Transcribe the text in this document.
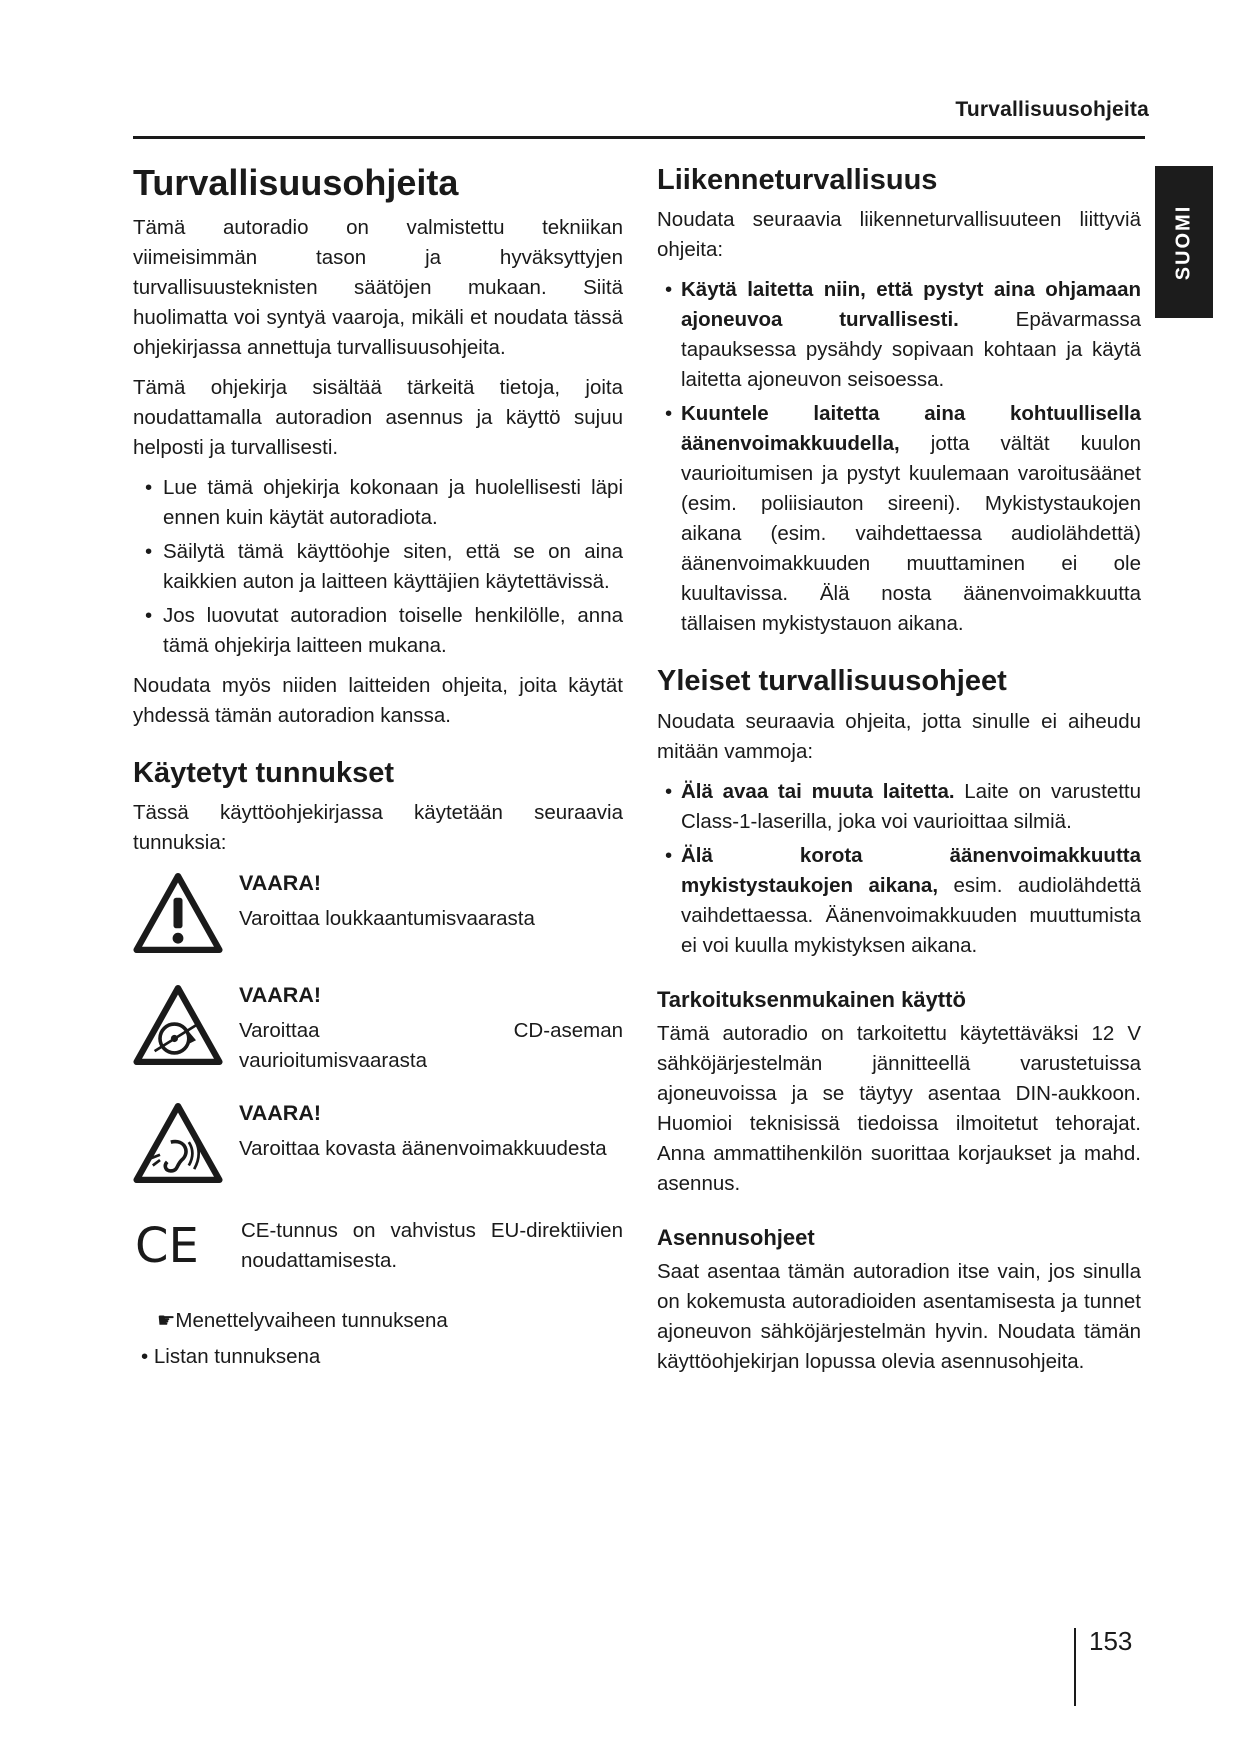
Turvallisuusohjeita
SUOMI
Turvallisuusohjeita

Tämä autoradio on valmistettu tekniikan viimeisimmän tason ja hyväksyttyjen turvallisuusteknisten säätöjen mukaan. Siitä huolimatta voi syntyä vaaroja, mikäli et noudata tässä ohjekirjassa annettuja turvallisuusohjeita.

Tämä ohjekirja sisältää tärkeitä tietoja, joita noudattamalla autoradion asennus ja käyttö sujuu helposti ja turvallisesti.

• Lue tämä ohjekirja kokonaan ja huolellisesti läpi ennen kuin käytät autoradiota.
• Säilytä tämä käyttöohje siten, että se on aina kaikkien auton ja laitteen käyttäjien käytettävissä.
• Jos luovutat autoradion toiselle henkilölle, anna tämä ohjekirja laitteen mukana.

Noudata myös niiden laitteiden ohjeita, joita käytät yhdessä tämän autoradion kanssa.

Käytetyt tunnukset

Tässä käyttöohjekirjassa käytetään seuraavia tunnuksia:

VAARA!
Varoittaa loukkaantumisvaarasta
VAARA!
Varoittaa CD-aseman vaurioitumisvaarasta
VAARA!
Varoittaa kovasta äänenvoimakkuudesta
CE	CE-tunnus on vahvistus EU-direktiivien noudattamisesta.
☛Menettelyvaiheen tunnuksena
• Listan tunnuksena
Liikenneturvallisuus

Noudata seuraavia liikenneturvallisuuteen liittyviä ohjeita:

• Käytä laitetta niin, että pystyt aina ohjamaan ajoneuvoa turvallisesti. Epävarmassa tapauksessa pysähdy sopivaan kohtaan ja käytä laitetta ajoneuvon seisoessa.
• Kuuntele laitetta aina kohtuullisella äänenvoimakkuudella, jotta vältät kuulon vaurioitumisen ja pystyt kuulemaan varoitusäänet (esim. poliisiauton sireeni). Mykistystaukojen aikana (esim. vaihdettaessa audiolähdettä) äänenvoimakkuuden muuttaminen ei ole kuultavissa. Älä nosta äänenvoimakkuutta tällaisen mykistystauon aikana.
Yleiset turvallisuusohjeet

Noudata seuraavia ohjeita, jotta sinulle ei aiheudu mitään vammoja:

• Älä avaa tai muuta laitetta. Laite on varustettu Class-1-laserilla, joka voi vaurioittaa silmiä.
• Älä korota äänenvoimakkuutta mykistystaukojen aikana, esim. audiolähdettä vaihdettaessa. Äänenvoimakkuuden muuttumista ei voi kuulla mykistyksen aikana.
Tarkoituksenmukainen käyttö

Tämä autoradio on tarkoitettu käytettäväksi 12 V sähköjärjestelmän jännitteellä varustetuissa ajoneuvoissa ja se täytyy asentaa DIN-aukkoon. Huomioi teknisissä tiedoissa ilmoitetut tehorajat. Anna ammattihenkilön suorittaa korjaukset ja mahd. asennus.

Asennusohjeet

Saat asentaa tämän autoradion itse vain, jos sinulla on kokemusta autoradioiden asentamisesta ja tunnet ajoneuvon sähköjärjestelmän hyvin. Noudata tämän käyttöohjekirjan lopussa olevia asennusohjeita.

153
